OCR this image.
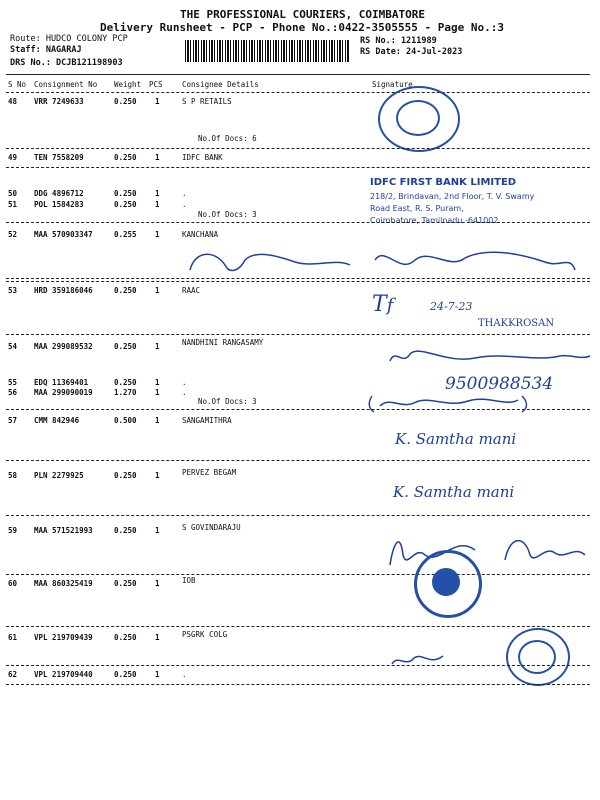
THE PROFESSIONAL COURIERS, COIMBATORE
Delivery Runsheet - PCP - Phone No.:0422-3505555 - Page No.:3
Route: HUDCO COLONY PCP
Staff: NAGARAJ
DRS No.: DCJB121198903
RS No.: 1211989
RS Date: 24-Jul-2023
S No Consignment No Weight PCS	Consignee Details	Signature
48 VRR 7249633	0.250 1	S P RETAILS
No.Of Docs: 6
49 TEN 7558209	0.250 1	IDFC BANK
50 DDG 4896712	0.250 1	.
51 POL 1584283	0.250 1	.
No.Of Docs: 3
IDFC FIRST BANK LIMITED
218/2, Brindavan, 2nd Floor, T. V. Swamy
Road East, R. S. Puram,
Coimbatore, Tamilnadu -641002.
52 MAA 570903347	0.255 1	KANCHANA
53 HRD 359186046	0.250 1	RAAC
Tf	24-7-23
THAKKROSAN
54 MAA 299089532	0.250 1	NANDHINI RANGASAMY
55 EDQ 11369401	0.250 1	.
56 MAA 299090019	1.270 1	.
No.Of Docs: 3
9500988534
57 CMM 842946	0.500 1	SANGAMITHRA
K. Samtha mani
58 PLN 2279925	0.250 1	PERVEZ BEGAM
K. Samtha mani
59 MAA 571521993	0.250 1	S GOVINDARAJU
60 MAA 860325419	0.250 1	IOB
61 VPL 219709439	0.250 1	PSGRK COLG
62 VPL 219709440	0.250 1	.
